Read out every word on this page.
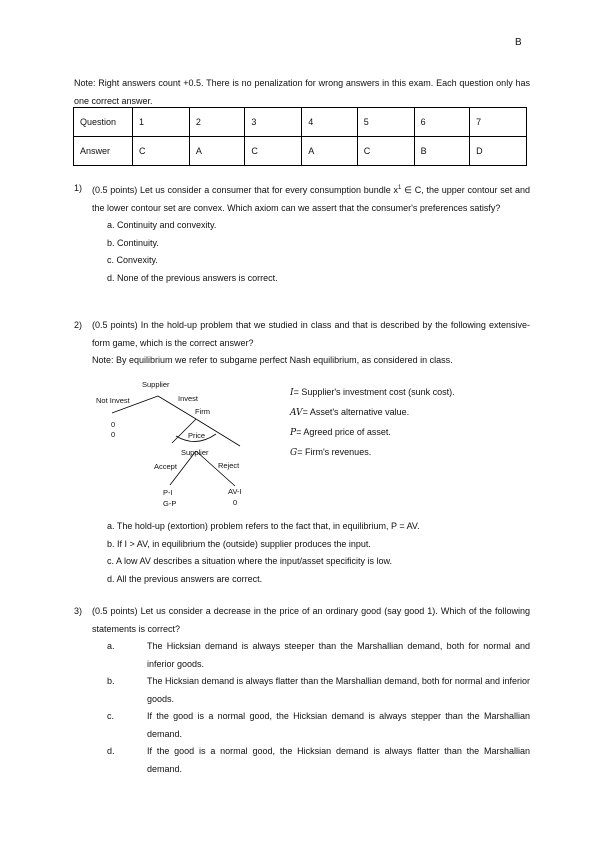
B
Note: Right answers count +0.5. There is no penalization for wrong answers in this exam. Each question only has one correct answer.
Question	1	2	3	4	5	6	7
Answer	C	A	C	A	C	B	D
1) (0.5 points) Let us consider a consumer that for every consumption bundle $x^1$ ∈ C, the upper contour set and the lower contour set are convex. Which axiom can we assert that the consumer's preferences satisfy?
a. Continuity and convexity.
b. Continuity.
c. Convexity.
d. None of the previous answers is correct.
2) (0.5 points) In the hold-up problem that we studied in class and that is described by the following extensive-form game, which is the correct answer?
Note: By equilibrium we refer to subgame perfect Nash equilibrium, as considered in class.
Supplier
Not Invest	Invest
Firm
0
0	Price
Supplier
Accept	Reject
P-I
G-P
AV-I
0
I= Supplier's investment cost (sunk cost).
AV= Asset's alternative value.
P= Agreed price of asset.
G= Firm's revenues.
a. The hold-up (extortion) problem refers to the fact that, in equilibrium, P = AV.
b. If I > AV, in equilibrium the (outside) supplier produces the input.
c. A low AV describes a situation where the input/asset specificity is low.
d. All the previous answers are correct.
3) (0.5 points) Let us consider a decrease in the price of an ordinary good (say good 1). Which of the following statements is correct?
a.	The Hicksian demand is always steeper than the Marshallian demand, both for normal and inferior goods.
b.	The Hicksian demand is always flatter than the Marshallian demand, both for normal and inferior goods.
c.	If the good is a normal good, the Hicksian demand is always stepper than the Marshallian demand.
d.	If the good is a normal good, the Hicksian demand is always flatter than the Marshallian demand.
